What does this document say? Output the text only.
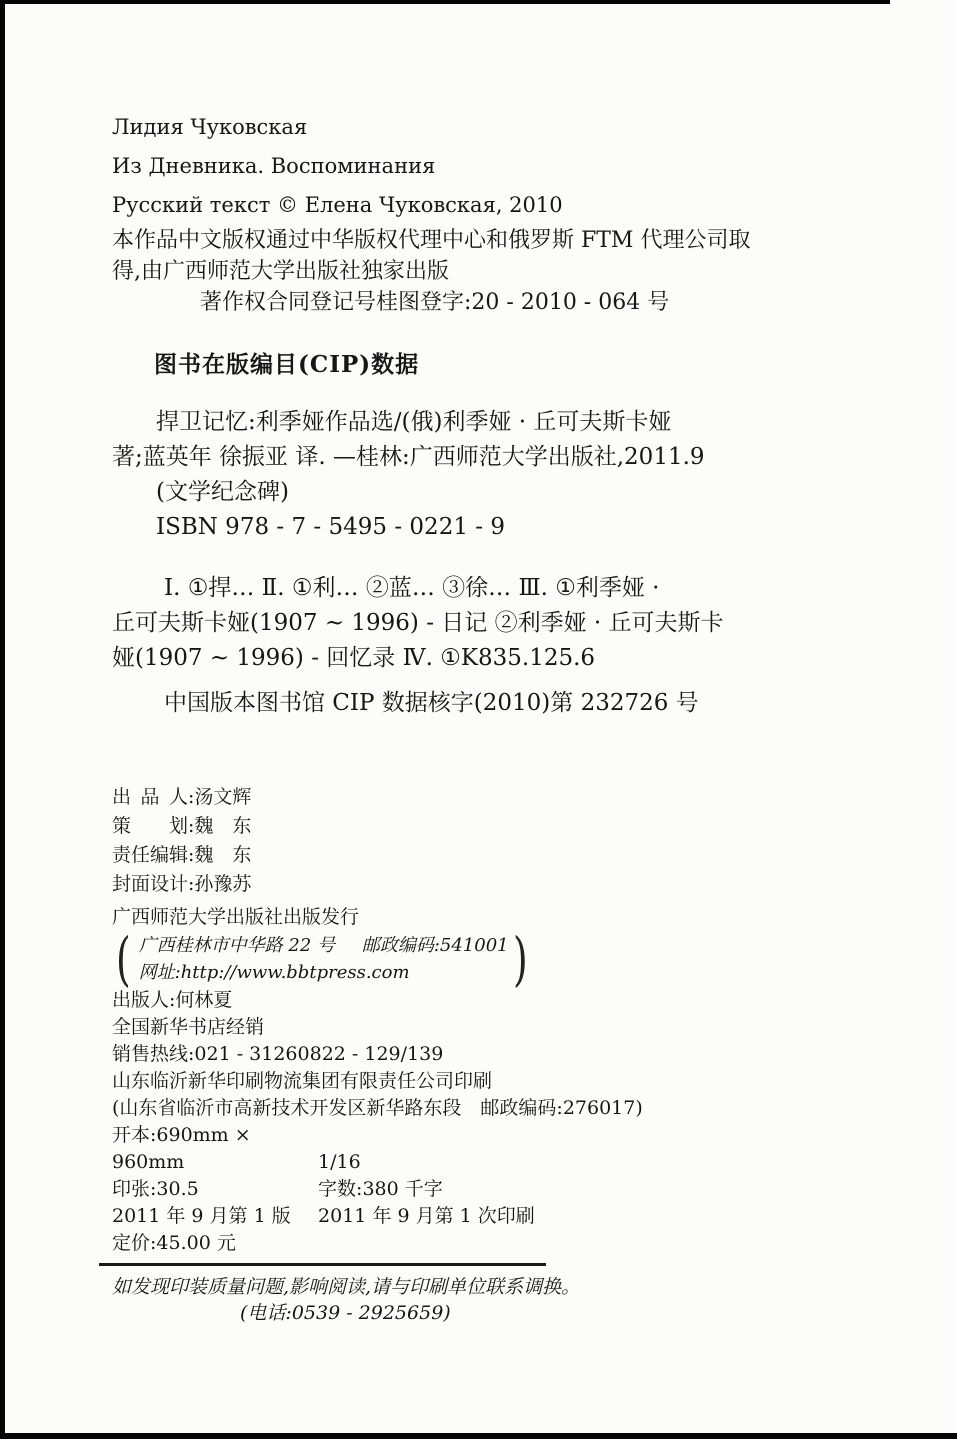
Лидия Чуковская
Из Дневника. Воспоминания
Русский текст © Елена Чуковская, 2010
本作品中文版权通过中华版权代理中心和俄罗斯 FTM 代理公司取
得,由广西师范大学出版社独家出版
著作权合同登记号桂图登字:20 - 2010 - 064 号
图书在版编目(CIP)数据
捍卫记忆:利季娅作品选/(俄)利季娅 · 丘可夫斯卡娅
著;蓝英年 徐振亚 译. —桂林:广西师范大学出版社,2011.9
(文学纪念碑)
ISBN 978 - 7 - 5495 - 0221 - 9
Ⅰ. ①捍… Ⅱ. ①利… ②蓝… ③徐… Ⅲ. ①利季娅 ·
丘可夫斯卡娅(1907 ~ 1996) - 日记 ②利季娅 · 丘可夫斯卡
娅(1907 ~ 1996) - 回忆录 Ⅳ. ①K835.125.6
中国版本图书馆 CIP 数据核字(2010)第 232726 号
出 品 人:汤文辉
策  划:魏 东
责任编辑:魏 东
封面设计:孙豫苏
广西师范大学出版社出版发行
( 广西桂林市中华路 22 号 邮政编码:541001
网址:http://www.bbtpress.com	)
出版人:何林夏
全国新华书店经销
销售热线:021 - 31260822 - 129/139
山东临沂新华印刷物流集团有限责任公司印刷
(山东省临沂市高新技术开发区新华路东段 邮政编码:276017)
开本:690mm × 960mm	1/16
印张:30.5	字数:380 千字
2011 年 9 月第 1 版 2011 年 9 月第 1 次印刷
定价:45.00 元
如发现印装质量问题,影响阅读,请与印刷单位联系调换。
(电话:0539 - 2925659)
